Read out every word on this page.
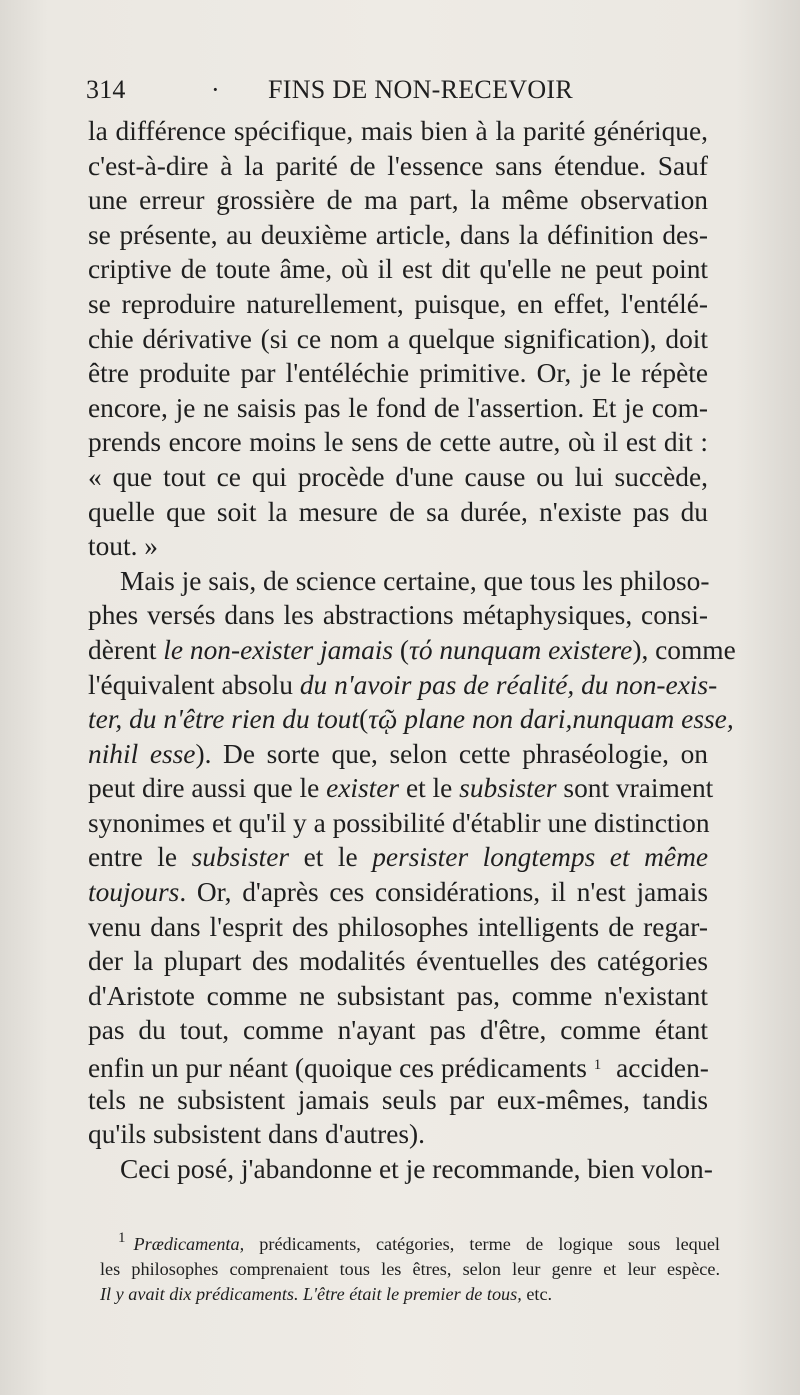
314	· FINS DE NON-RECEVOIR
la différence spécifique, mais bien à la parité générique,
c'est-à-dire à la parité de l'essence sans étendue. Sauf
une erreur grossière de ma part, la même observation
se présente, au deuxième article, dans la définition des-
criptive de toute âme, où il est dit qu'elle ne peut point
se reproduire naturellement, puisque, en effet, l'entélé-
chie dérivative (si ce nom a quelque signification), doit
être produite par l'entéléchie primitive. Or, je le répète
encore, je ne saisis pas le fond de l'assertion. Et je com-
prends encore moins le sens de cette autre, où il est dit :
« que tout ce qui procède d'une cause ou lui succède,
quelle que soit la mesure de sa durée, n'existe pas du
tout. »
Mais je sais, de science certaine, que tous les philoso-
phes versés dans les abstractions métaphysiques, consi-
dèrent le non-exister jamais (τό nunquam existere), comme
l'équivalent absolu du n'avoir pas de réalité, du non-exis-
ter, du n'être rien du tout(τῷ plane non dari,nunquam esse,
nihil esse). De sorte que, selon cette phraséologie, on
peut dire aussi que le exister et le subsister sont vraiment
synonimes et qu'il y a possibilité d'établir une distinction
entre le subsister et le persister longtemps et même
toujours. Or, d'après ces considérations, il n'est jamais
venu dans l'esprit des philosophes intelligents de regar-
der la plupart des modalités éventuelles des catégories
d'Aristote comme ne subsistant pas, comme n'existant
pas du tout, comme n'ayant pas d'être, comme étant
enfin un pur néant (quoique ces prédicaments $^1$ acciden-
tels ne subsistent jamais seuls par eux-mêmes, tandis
qu'ils subsistent dans d'autres).
Ceci posé, j'abandonne et je recommande, bien volon-
$^1$ Prædicamenta, prédicaments, catégories, terme de logique sous lequel
les philosophes comprenaient tous les êtres, selon leur genre et leur espèce.
Il y avait dix prédicaments. L'être était le premier de tous, etc.
